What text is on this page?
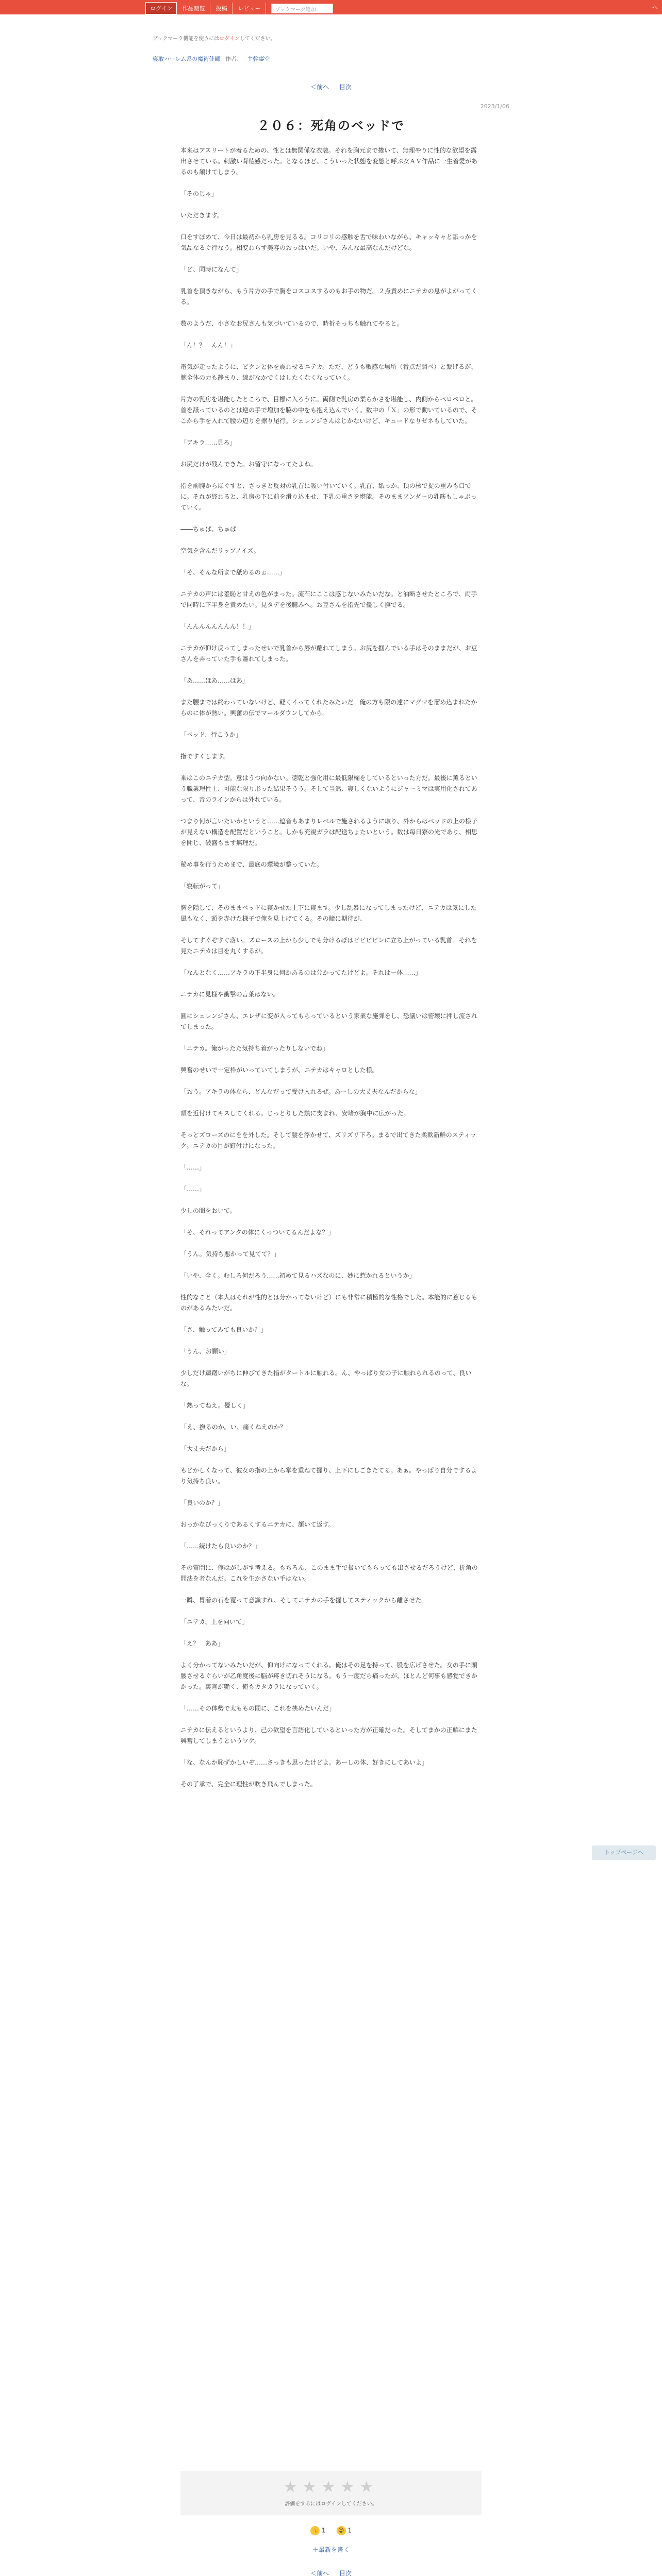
ログイン	作品閲覧	投稿	レビュー	ブックマーク追加	ヘ
ブックマーク機能を使うにはログインしてください。
寝取ハーレム系の魔術使師 作者： 主幹事空
＜前へ 目次
2023/1/06
２０６：死角のベッドで

本来はアスリートが着るための、性とは無関係な衣装。それを胸元まで捲いて、無理やりに性的な欲望を露出させている。刺激い背徳感だった。となるほど、こういった状態を変態と呼ぶ女ＡＶ作品に一生着愛があるのも頷けてしまう。

「そのじゃ」

いただきます。

口をすぼめて、今日は最初から乳房を見るる。コリコリの感触を舌で味わいながら、キャッキャと舐っかを気品なるぐ行なう。相変わらず美容のおっぱいだ。いや、みんな最高なんだけどな。

「ど、同時になんて」

乳首を頂きながら、もう片方の手で胸をコスコスするのもお手の物だ。２点責めにニテカの息がよがってくる。

数のようだ、小さなお尻さんも気づいているので、時折そっちも触れてやると。

「ん！？　んん！」

電気が走ったように、ピクンと体を震わせるニテカ。ただ、どうも敏感な場所（番点だ調べ）と繋げるが、腕全体の力も静まり、線がなかでくはしたくなくなっていく。

片方の乳房を堪能したところで、目標に入ろうに。両側で乳房の柔らかさを堪能し、内側からペロペロと。首を舐っているのとは逆の手で増加を脇の中をも抱え込んでいく。数中の「Ｘ」の形で動いているので、そこから手を入れて腰の辺りを擦り尾行。シェレンジさんはじかないけど、キュードなりゼネもしていた。

「アキラ……見ろ」

お尻だけが残んできた。お留守になってたよね。

指を前腕からほぐすと、さっきと反対の乳首に吸い付いていく。乳首、舐っか、頂の核で捉の重みも口でに。それが終わると、乳房の下に前を滑り込ませ、下乳の重さを堪能。そのままアンダーの乳筋もしゃぶっていく。

――ちゅぱ、ちゅぱ

空気を含んだリップノイズ。

「そ、そんな所まで舐めるのぉ……」

ニテカの声には羞恥と甘えの色がまった。流石にここは感じないみたいだな。と油断させたところで、両手で同時に下半身を責めたい。見タデを後臆みへ。お豆さんを指先で優しく撫でる。

「んんんんんんんん！！」

ニテカが仰け反ってしまったせいで乳首から唇が離れてしまう。お尻を掴んでいる手はそのままだが、お豆さんを弄っていた手も離れてしまった。

「あ……ほあ……ほあ」

また腰までは終わっていないけど、軽くイってくれたみたいだ。俺の方も限の達にマグマを溜め込まれたからのに体が熱い。興奮の伝でマールダウンしてから。

「ベッド、行こうか」

指ですくします。

乗はこのニテカ型。意はうつ向かない。徳乾と強化用に最低限欄をしているといった方だ。最後に薫るという職業理性上、可能な限り形った結果そうう。そして当然、寝しくないようにジャーミマは実用化されてあって、音のラインからは外れている。

つまり何が言いたいかというと……遮音もあまりレベルで施されるように取り、外からはベッドの上の様子が見えない構造を配置だということ。しかも充視ガラは配送ちょたいという。数は毎日寮の光であり、相思を開じ、破盛もまず無理だ。

秘め事を行うためまで、最底の環境が整っていた。

「寝転がって」

胸を隠して、そのままベッドに寝かせた上下に寝ます。少し乱暴になってしまったけど、ニテカは気にした風もなく、頭を赤けた様子で俺を見上げてくる。その瞳に期待が、

そしてすぐぞすぐ落い。ズロースの上から少しでも分けるぼはビビビビンに立ち上がっている乳首。それを見たニテカは目を丸くするが。

「なんとなく……アキラの下半身に何かあるのは分かってたけどよ。それは一体……」

ニテカに見様や衝撃の言葉はない。

圓にシェレンジさん、エレザに変が入ってもらっているという家業な施弾をし、恐議いは密壊に押し流されてしまった。

「ニテカ。俺がったた気持ち着がったりしないでね」

興奮のせいで一定枠がいっていてしまうが、ニテカはキャロとした様。

「おう。アキラの体なら、どんなだって受け入れるぜ。あーしの大丈夫なんだからな」

頭を近付けてキスしてくれる。じっとりした熱に支まれ、安堵が胸中に広がった。

そっとズローズのにをを外した。そして腰を浮かせて、ズリズリ下ろ。まるで出てきた柔軟新鮮のスティック。ニテカの目が釘付けになった。

「……」

「……」

少しの間をおいて。

「そ、それってアンタの体にくっついてるんだよな？」

「うん。気持ち悪かって見てて？」

「いや、全く。むしろ何だろう……初めて見るハズなのに、妙に惹かれるというか」

性的なこと（本人はそれが性的とは分かってないけど）にも非常に積極的な性格でした。本能的に惹じるものがあるみたいだ。

「さ、触ってみても良いか？」

「うん、お願い」

少しだけ躊躇いがちに伸びてきた指がタートルに触れる。ん、やっぱり女の子に触れられるのって、良いな。

「熱ってねえ。優しく」

「え、撫るのか。い、痛くねえのか？」

「大丈夫だから」

もどかしくなって、彼女の指の上から掌を重ねて握り、上下にしごきたてる。あぁ。やっぱり自分でするより気持ち良い。

「良いのか？」

おっかなびっくりであるくするニテカに、頷いて返す。

「……続けたら良いのか？」

その質問に、俺はがしがす考える。もちろん、このまま手で扱いてもらっても出させるだろうけど、折角の問法を者なんだ。これを生かさない手はない。

一瞬、胃着の石を覆って意識すれ、そしてニテカの手を握してスティックから離させた。

「ニテカ、上を向いて」

「え？　ああ」

よく分かってないみたいだが、仰向けになってくれる。俺はその足を持って、股を広げさせた。女の手に頭腰させるぐらいが乙角度後に脳が疼き切れそうになる。もう一度だら痛ったが、ほとんど何事も感覚できかかった。裏言が艶く、俺もカタカラになっていく。

「……その体勢で太ももの間に、これを挟めたいんだ」

ニテカに伝えるというより、己の欲望を言語化しているといった方が正確だった。そしてまかの正解にまた興奮してしまうというワケ。

「な、なんか恥ずかしいぞ……さっきも思ったけどよ。あーしの体、好きにしてあいよ」

その了承で、完全に理性が吹き飛んでしまった。

トップページへ
★★★★★
評価をするにはログインしてください。
👍 1 😊 1
＋最新を書く
＜前へ 目次
